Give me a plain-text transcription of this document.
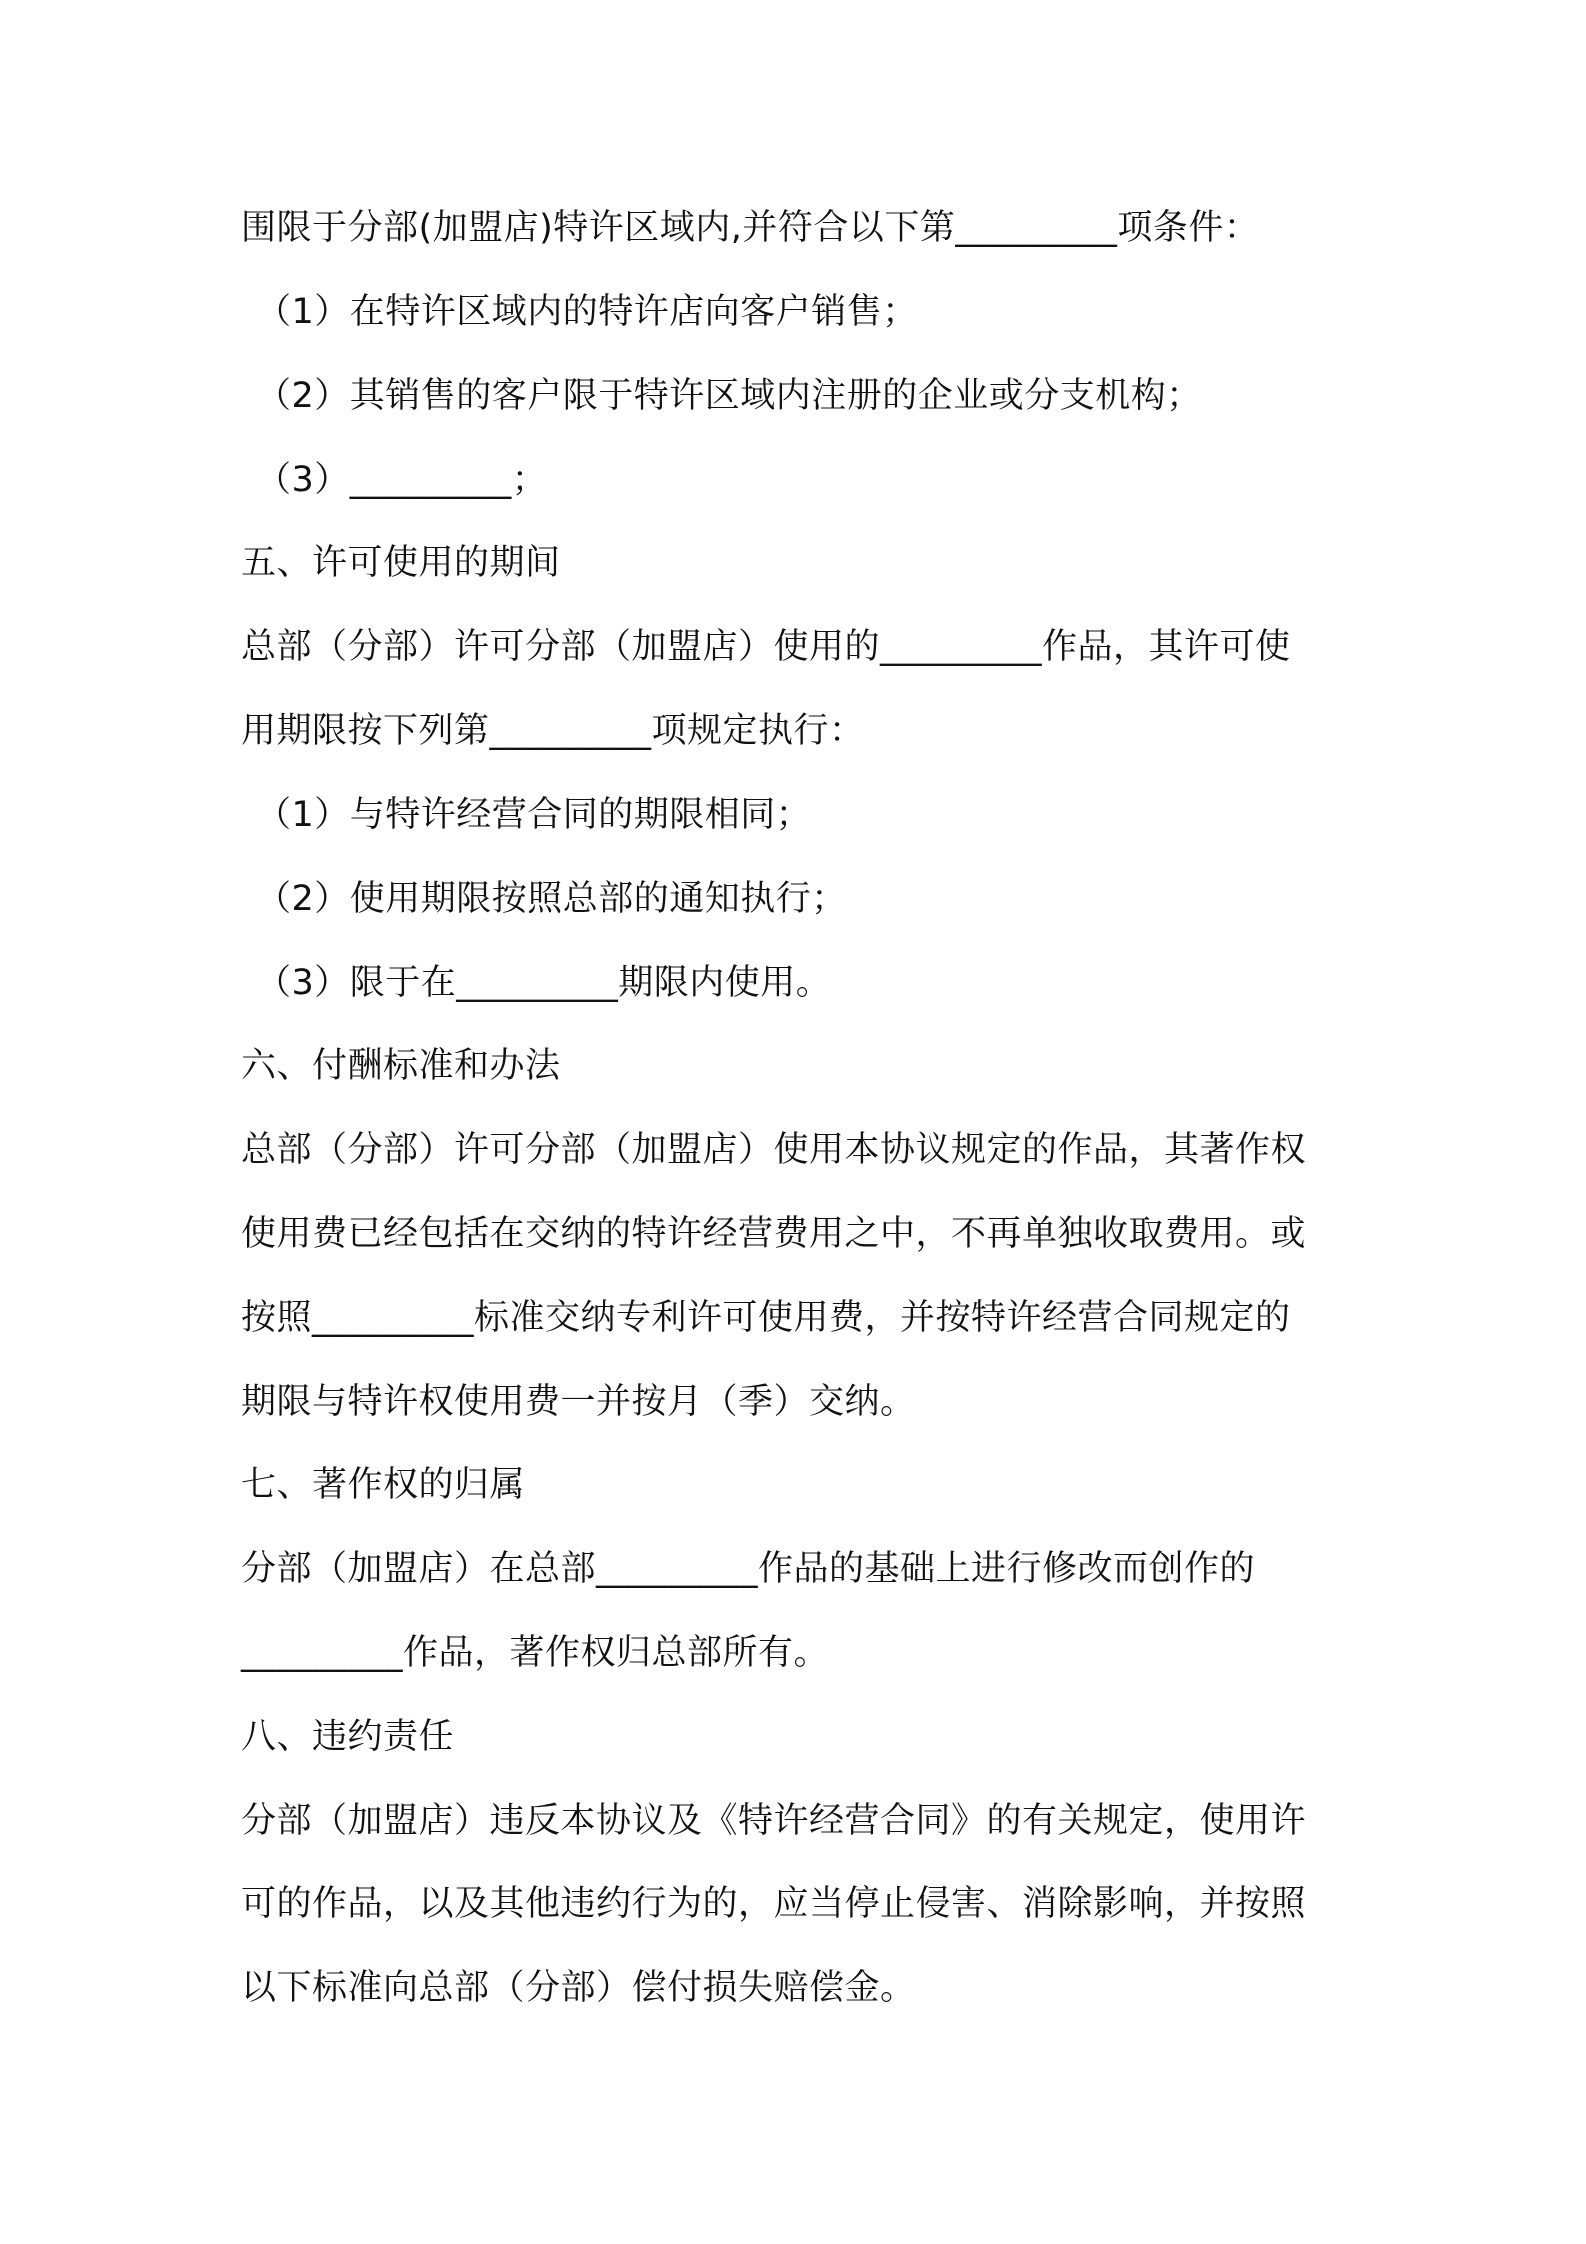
围限于分部(加盟店)特许区域内,并符合以下第_________项条件：
（1）在特许区域内的特许店向客户销售；
（2）其销售的客户限于特许区域内注册的企业或分支机构；
（3）_________；
五、许可使用的期间
总部（分部）许可分部（加盟店）使用的_________作品，其许可使
用期限按下列第_________项规定执行：
（1）与特许经营合同的期限相同；
（2）使用期限按照总部的通知执行；
（3）限于在_________期限内使用。
六、付酬标准和办法
总部（分部）许可分部（加盟店）使用本协议规定的作品，其著作权
使用费已经包括在交纳的特许经营费用之中，不再单独收取费用。或
按照_________标准交纳专利许可使用费，并按特许经营合同规定的
期限与特许权使用费一并按月（季）交纳。
七、著作权的归属
分部（加盟店）在总部_________作品的基础上进行修改而创作的
_________作品，著作权归总部所有。
八、违约责任
分部（加盟店）违反本协议及《特许经营合同》的有关规定，使用许
可的作品，以及其他违约行为的，应当停止侵害、消除影响，并按照
以下标准向总部（分部）偿付损失赔偿金。
